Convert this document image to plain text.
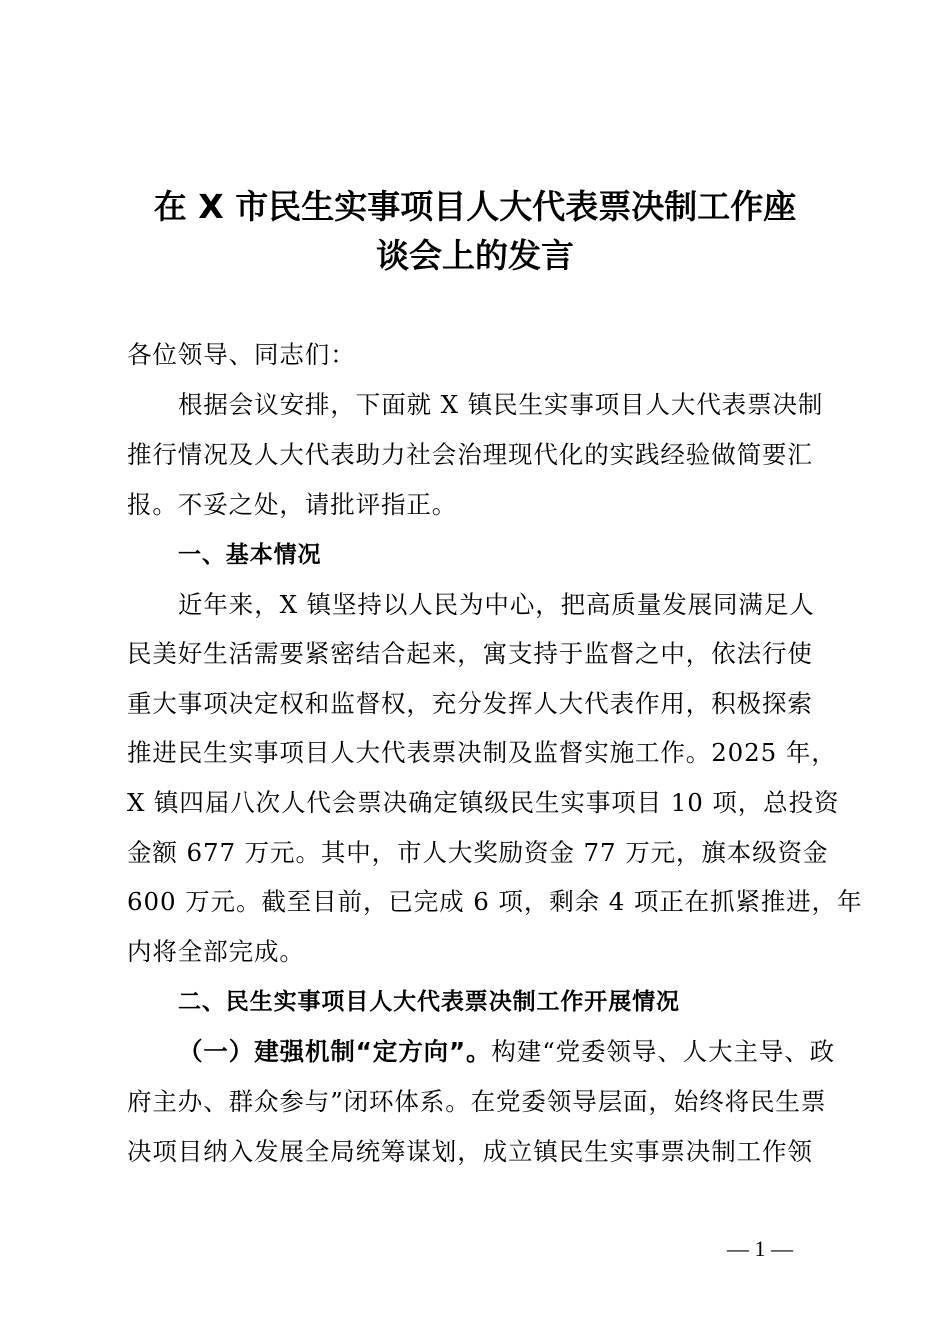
在 X 市民生实事项目人大代表票决制工作座
谈会上的发言
各位领导、同志们：
根据会议安排，下面就 X 镇民生实事项目人大代表票决制
推行情况及人大代表助力社会治理现代化的实践经验做简要汇
报。不妥之处，请批评指正。
一、基本情况
近年来，X 镇坚持以人民为中心，把高质量发展同满足人
民美好生活需要紧密结合起来，寓支持于监督之中，依法行使
重大事项决定权和监督权，充分发挥人大代表作用，积极探索
推进民生实事项目人大代表票决制及监督实施工作。2025 年，
X 镇四届八次人代会票决确定镇级民生实事项目 10 项，总投资
金额 677 万元。其中，市人大奖励资金 77 万元，旗本级资金
600 万元。截至目前，已完成 6 项，剩余 4 项正在抓紧推进，年
内将全部完成。
二、民生实事项目人大代表票决制工作开展情况
（一）建强机制“定方向”。构建“党委领导、人大主导、政
府主办、群众参与”闭环体系。在党委领导层面，始终将民生票
决项目纳入发展全局统筹谋划，成立镇民生实事票决制工作领
— 1 —
